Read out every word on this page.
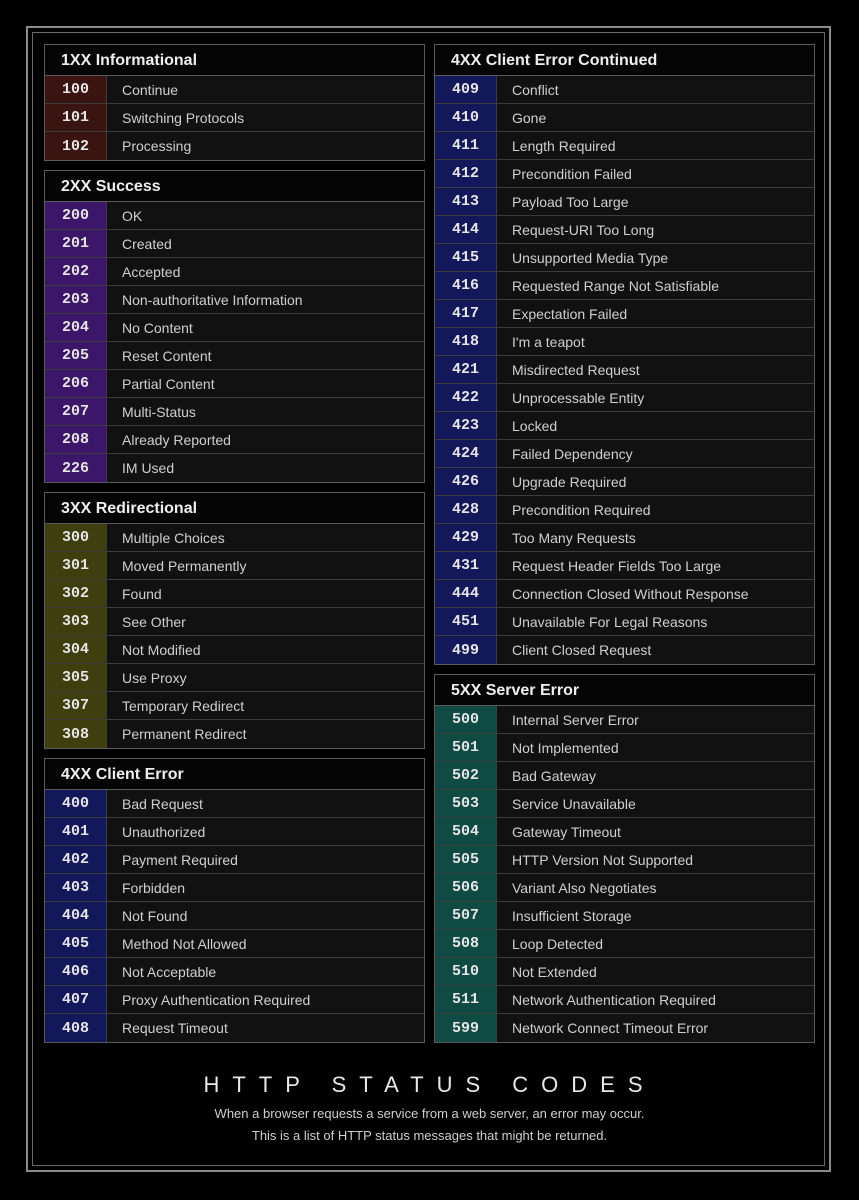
1XX Informational
100	Continue
101	Switching Protocols
102	Processing
2XX Success
200	OK
201	Created
202	Accepted
203	Non-authoritative Information
204	No Content
205	Reset Content
206	Partial Content
207	Multi-Status
208	Already Reported
226	IM Used
3XX Redirectional
300	Multiple Choices
301	Moved Permanently
302	Found
303	See Other
304	Not Modified
305	Use Proxy
307	Temporary Redirect
308	Permanent Redirect
4XX Client Error
400	Bad Request
401	Unauthorized
402	Payment Required
403	Forbidden
404	Not Found
405	Method Not Allowed
406	Not Acceptable
407	Proxy Authentication Required
408	Request Timeout
4XX Client Error Continued
409	Conflict
410	Gone
411	Length Required
412	Precondition Failed
413	Payload Too Large
414	Request-URI Too Long
415	Unsupported Media Type
416	Requested Range Not Satisfiable
417	Expectation Failed
418	I'm a teapot
421	Misdirected Request
422	Unprocessable Entity
423	Locked
424	Failed Dependency
426	Upgrade Required
428	Precondition Required
429	Too Many Requests
431	Request Header Fields Too Large
444	Connection Closed Without Response
451	Unavailable For Legal Reasons
499	Client Closed Request
5XX Server Error
500	Internal Server Error
501	Not Implemented
502	Bad Gateway
503	Service Unavailable
504	Gateway Timeout
505	HTTP Version Not Supported
506	Variant Also Negotiates
507	Insufficient Storage
508	Loop Detected
510	Not Extended
511	Network Authentication Required
599	Network Connect Timeout Error
HTTP STATUS CODES
When a browser requests a service from a web server, an error may occur.
This is a list of HTTP status messages that might be returned.
